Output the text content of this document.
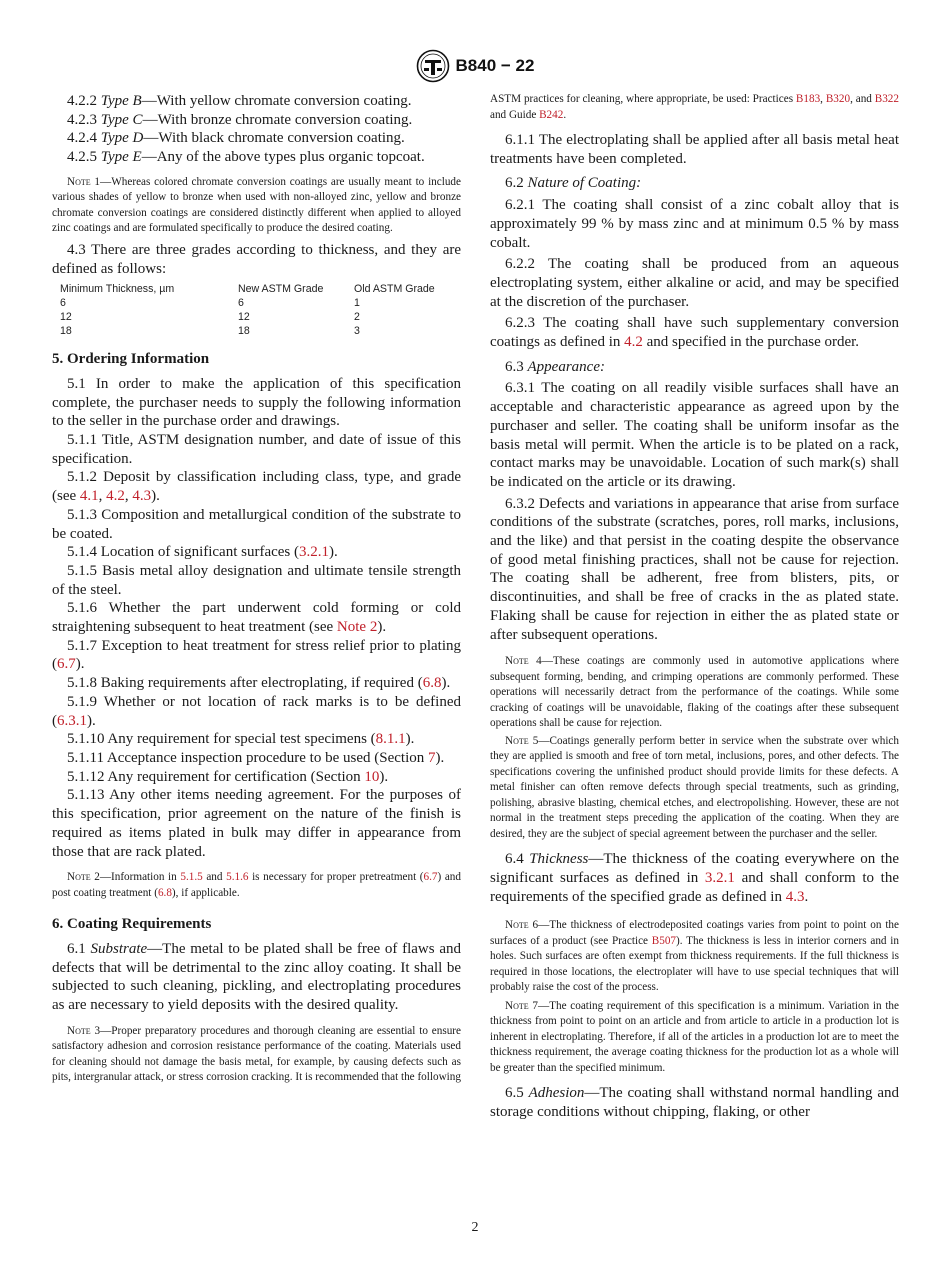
B840 − 22

4.2.2 Type B—With yellow chromate conversion coating.

4.2.3 Type C—With bronze chromate conversion coating.

4.2.4 Type D—With black chromate conversion coating.

4.2.5 Type E—Any of the above types plus organic topcoat.

Note 1—Whereas colored chromate conversion coatings are usually meant to include various shades of yellow to bronze when used with non-alloyed zinc, yellow and bronze chromate conversion coatings are considered distinctly different when applied to alloyed zinc coatings and are formulated specifically to produce the desired coating.

4.3 There are three grades according to thickness, and they are defined as follows:

Minimum Thickness, µm	New ASTM Grade	Old ASTM Grade
6	6	1
12	12	2
18	18	3

5. Ordering Information

5.1 In order to make the application of this specification complete, the purchaser needs to supply the following information to the seller in the purchase order and drawings.

5.1.1 Title, ASTM designation number, and date of issue of this specification.

5.1.2 Deposit by classification including class, type, and grade (see 4.1, 4.2, 4.3).

5.1.3 Composition and metallurgical condition of the substrate to be coated.

5.1.4 Location of significant surfaces (3.2.1).

5.1.5 Basis metal alloy designation and ultimate tensile strength of the steel.

5.1.6 Whether the part underwent cold forming or cold straightening subsequent to heat treatment (see Note 2).

5.1.7 Exception to heat treatment for stress relief prior to plating (6.7).

5.1.8 Baking requirements after electroplating, if required (6.8).

5.1.9 Whether or not location of rack marks is to be defined (6.3.1).

5.1.10 Any requirement for special test specimens (8.1.1).

5.1.11 Acceptance inspection procedure to be used (Section 7).

5.1.12 Any requirement for certification (Section 10).

5.1.13 Any other items needing agreement. For the purposes of this specification, prior agreement on the nature of the finish is required as items plated in bulk may differ in appearance from those that are rack plated.

Note 2—Information in 5.1.5 and 5.1.6 is necessary for proper pretreatment (6.7) and post coating treatment (6.8), if applicable.

6. Coating Requirements

6.1 Substrate—The metal to be plated shall be free of flaws and defects that will be detrimental to the zinc alloy coating. It shall be subjected to such cleaning, pickling, and electroplating procedures as are necessary to yield deposits with the desired quality.

Note 3—Proper preparatory procedures and thorough cleaning are essential to ensure satisfactory adhesion and corrosion resistance performance of the coating. Materials used for cleaning should not damage the basis metal, for example, by causing defects such as pits, intergranular attack, or stress corrosion cracking. It is recommended that the following

ASTM practices for cleaning, where appropriate, be used: Practices B183, B320, and B322 and Guide B242.

6.1.1 The electroplating shall be applied after all basis metal heat treatments have been completed.

6.2 Nature of Coating:

6.2.1 The coating shall consist of a zinc cobalt alloy that is approximately 99 % by mass zinc and at minimum 0.5 % by mass cobalt.

6.2.2 The coating shall be produced from an aqueous electroplating system, either alkaline or acid, and may be specified at the discretion of the purchaser.

6.2.3 The coating shall have such supplementary conversion coatings as defined in 4.2 and specified in the purchase order.

6.3 Appearance:

6.3.1 The coating on all readily visible surfaces shall have an acceptable and characteristic appearance as agreed upon by the purchaser and seller. The coating shall be uniform insofar as the basis metal will permit. When the article is to be plated on a rack, contact marks may be unavoidable. Location of such mark(s) shall be indicated on the article or its drawing.

6.3.2 Defects and variations in appearance that arise from surface conditions of the substrate (scratches, pores, roll marks, inclusions, and the like) and that persist in the coating despite the observance of good metal finishing practices, shall not be cause for rejection. The coating shall be adherent, free from blisters, pits, or discontinuities, and shall be free of cracks in the as plated state. Flaking shall be cause for rejection in either the as plated state or after subsequent operations.

Note 4—These coatings are commonly used in automotive applications where subsequent forming, bending, and crimping operations are commonly performed. These operations will necessarily detract from the performance of the coatings. While some cracking of coatings will be unavoidable, flaking of the coatings after these subsequent operations shall be cause for rejection.

Note 5—Coatings generally perform better in service when the substrate over which they are applied is smooth and free of torn metal, inclusions, pores, and other defects. The specifications covering the unfinished product should provide limits for these defects. A metal finisher can often remove defects through special treatments, such as grinding, polishing, abrasive blasting, chemical etches, and electropolishing. However, these are not normal in the treatment steps preceding the application of the coating. When they are desired, they are the subject of special agreement between the purchaser and the seller.

6.4 Thickness—The thickness of the coating everywhere on the significant surfaces as defined in 3.2.1 and shall conform to the requirements of the specified grade as defined in 4.3.

Note 6—The thickness of electrodeposited coatings varies from point to point on the surfaces of a product (see Practice B507). The thickness is less in interior corners and in holes. Such surfaces are often exempt from thickness requirements. If the full thickness is required in those locations, the electroplater will have to use special techniques that will probably raise the cost of the process.

Note 7—The coating requirement of this specification is a minimum. Variation in the thickness from point to point on an article and from article to article in a production lot is inherent in electroplating. Therefore, if all of the articles in a production lot are to meet the thickness requirement, the average coating thickness for the production lot as a whole will be greater than the specified minimum.

6.5 Adhesion—The coating shall withstand normal handling and storage conditions without chipping, flaking, or other

2
